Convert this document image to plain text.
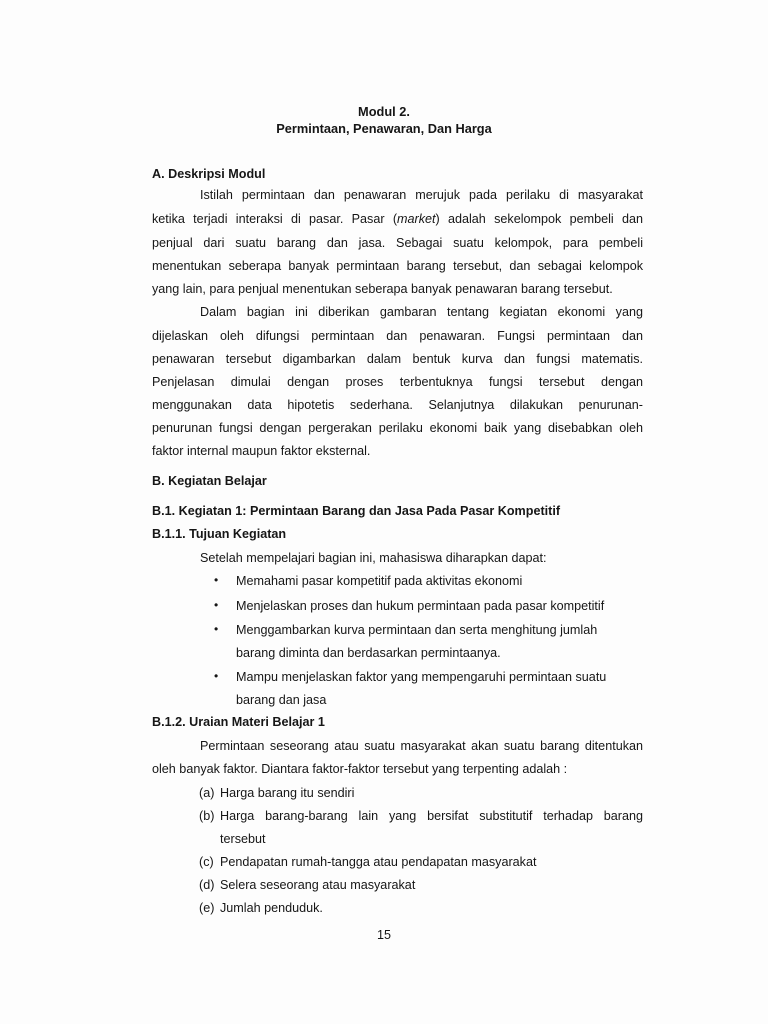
Modul 2.
Permintaan, Penawaran, Dan Harga
A. Deskripsi Modul
Istilah permintaan dan penawaran merujuk pada perilaku di masyarakat
ketika terjadi interaksi di pasar. Pasar (market) adalah sekelompok pembeli dan
penjual dari suatu barang dan jasa. Sebagai suatu kelompok, para pembeli
menentukan seberapa banyak permintaan barang tersebut, dan sebagai kelompok
yang lain, para penjual menentukan seberapa banyak penawaran barang tersebut.
Dalam bagian ini diberikan gambaran tentang kegiatan ekonomi yang
dijelaskan oleh difungsi permintaan dan penawaran. Fungsi permintaan dan
penawaran tersebut digambarkan dalam bentuk kurva dan fungsi matematis.
Penjelasan dimulai dengan proses terbentuknya fungsi tersebut dengan
menggunakan data hipotetis sederhana. Selanjutnya dilakukan penurunan-
penurunan fungsi dengan pergerakan perilaku ekonomi baik yang disebabkan oleh
faktor internal maupun faktor eksternal.
B. Kegiatan Belajar
B.1. Kegiatan 1: Permintaan Barang dan Jasa Pada Pasar Kompetitif
B.1.1. Tujuan Kegiatan
Setelah mempelajari bagian ini, mahasiswa diharapkan dapat:
• Memahami pasar kompetitif pada aktivitas ekonomi
• Menjelaskan proses dan hukum permintaan pada pasar kompetitif
• Menggambarkan kurva permintaan dan serta menghitung jumlah
barang diminta dan berdasarkan permintaanya.
• Mampu menjelaskan faktor yang mempengaruhi permintaan suatu
barang dan jasa
B.1.2. Uraian Materi Belajar 1
Permintaan seseorang atau suatu masyarakat akan suatu barang ditentukan
oleh banyak faktor. Diantara faktor-faktor tersebut yang terpenting adalah :
(a) Harga barang itu sendiri
(b) Harga barang-barang lain yang bersifat substitutif terhadap barang
tersebut
(c) Pendapatan rumah-tangga atau pendapatan masyarakat
(d) Selera seseorang atau masyarakat
(e) Jumlah penduduk.
15
